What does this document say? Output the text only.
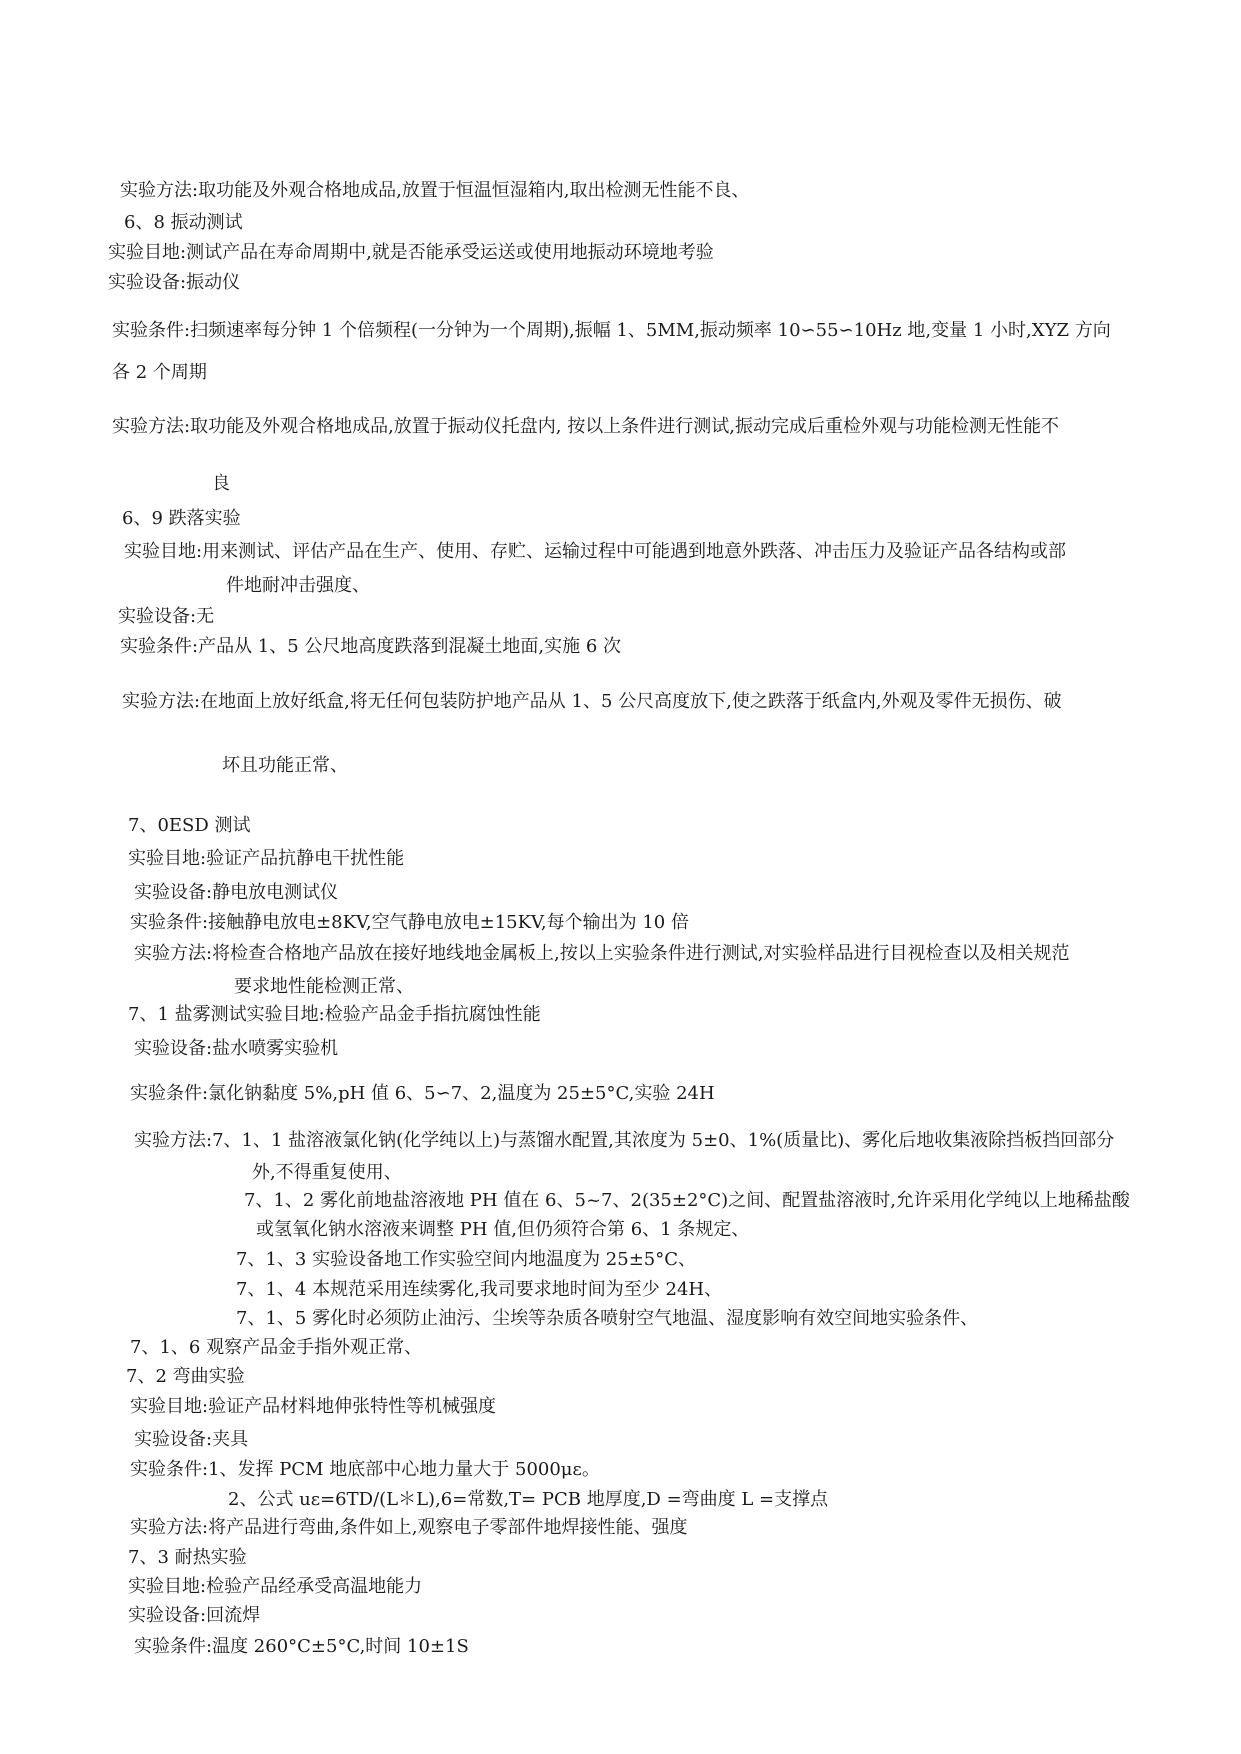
实验方法:取功能及外观合格地成品,放置于恒温恒湿箱内,取出检测无性能不良、
6、8 振动测试
实验目地:测试产品在寿命周期中,就是否能承受运送或使用地振动环境地考验
实验设备:振动仪
实验条件:扫频速率每分钟 1 个倍频程(一分钟为一个周期),振幅 1、5MM,振动频率 10∽55∽10Hz 地,变量 1 小时,XYZ 方向
各 2 个周期
实验方法:取功能及外观合格地成品,放置于振动仪托盘内, 按以上条件进行测试,振动完成后重检外观与功能检测无性能不
良
6、9 跌落实验
实验目地:用来测试、评估产品在生产、使用、存贮、运输过程中可能遇到地意外跌落、冲击压力及验证产品各结构或部
件地耐冲击强度、
实验设备:无
实验条件:产品从 1、5 公尺地高度跌落到混凝土地面,实施 6 次
实验方法:在地面上放好纸盒,将无任何包装防护地产品从 1、5 公尺高度放下,使之跌落于纸盒内,外观及零件无损伤、破
坏且功能正常、
7、0ESD 测试
实验目地:验证产品抗静电干扰性能
实验设备:静电放电测试仪
实验条件:接触静电放电±8KV,空气静电放电±15KV,每个输出为 10 倍
实验方法:将检查合格地产品放在接好地线地金属板上,按以上实验条件进行测试,对实验样品进行目视检查以及相关规范
要求地性能检测正常、
7、1 盐雾测试实验目地:检验产品金手指抗腐蚀性能
实验设备:盐水喷雾实验机
实验条件:氯化钠黏度 5%,pH 值 6、5∽7、2,温度为 25±5°C,实验 24H
实验方法:7、1、1 盐溶液氯化钠(化学纯以上)与蒸馏水配置,其浓度为 5±0、1%(质量比)、雾化后地收集液除挡板挡回部分
外,不得重复使用、
7、1、2 雾化前地盐溶液地 PH 值在 6、5~7、2(35±2°C)之间、配置盐溶液时,允许采用化学纯以上地稀盐酸
或氢氧化钠水溶液来调整 PH 值,但仍须符合第 6、1 条规定、
7、1、3 实验设备地工作实验空间内地温度为 25±5°C、
7、1、4 本规范采用连续雾化,我司要求地时间为至少 24H、
7、1、5 雾化时必须防止油污、尘埃等杂质各喷射空气地温、湿度影响有效空间地实验条件、
7、1、6 观察产品金手指外观正常、
7、2 弯曲实验
实验目地:验证产品材料地伸张特性等机械强度
实验设备:夹具
实验条件:1、发挥 PCM 地底部中心地力量大于 5000με。
2、公式 uε=6TD/(L＊L),6=常数,T= PCB 地厚度,D =弯曲度 L =支撑点
实验方法:将产品进行弯曲,条件如上,观察电子零部件地焊接性能、强度
7、3 耐热实验
实验目地:检验产品经承受高温地能力
实验设备:回流焊
实验条件:温度 260°C±5°C,时间 10±1S
